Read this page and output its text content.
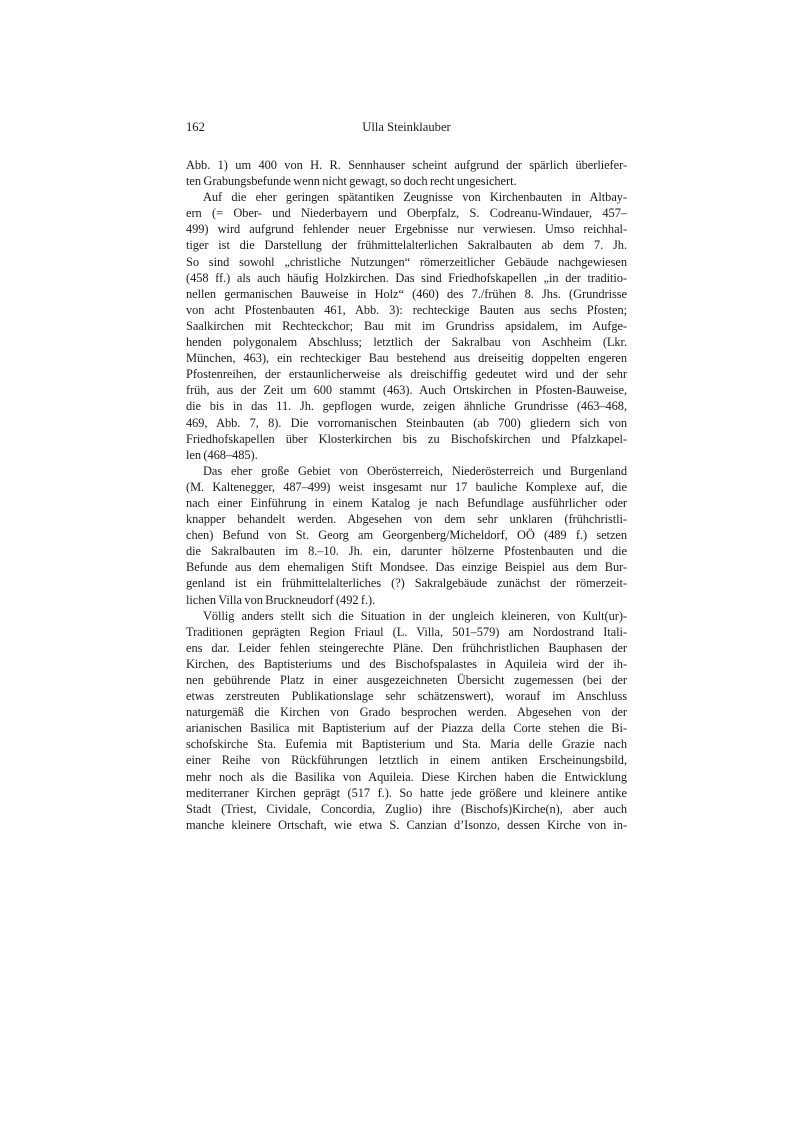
162	Ulla Steinklauber
Abb. 1) um 400 von H. R. Sennhauser scheint aufgrund der spärlich überliefer-
ten Grabungsbefunde wenn nicht gewagt, so doch recht ungesichert.
Auf die eher geringen spätantiken Zeugnisse von Kirchenbauten in Altbay-
ern (= Ober- und Niederbayern und Oberpfalz, S. Codreanu-Windauer, 457–
499) wird aufgrund fehlender neuer Ergebnisse nur verwiesen. Umso reichhal-
tiger ist die Darstellung der frühmittelalterlichen Sakralbauten ab dem 7. Jh.
So sind sowohl „christliche Nutzungen“ römerzeitlicher Gebäude nachgewiesen
(458 ff.) als auch häufig Holzkirchen. Das sind Friedhofskapellen „in der traditio-
nellen germanischen Bauweise in Holz“ (460) des 7./frühen 8. Jhs. (Grundrisse
von acht Pfostenbauten 461, Abb. 3): rechteckige Bauten aus sechs Pfosten;
Saalkirchen mit Rechteckchor; Bau mit im Grundriss apsidalem, im Aufge-
henden polygonalem Abschluss; letztlich der Sakralbau von Aschheim (Lkr.
München, 463), ein rechteckiger Bau bestehend aus dreiseitig doppelten engeren
Pfostenreihen, der erstaunlicherweise als dreischiffig gedeutet wird und der sehr
früh, aus der Zeit um 600 stammt (463). Auch Ortskirchen in Pfosten-Bauweise,
die bis in das 11. Jh. gepflogen wurde, zeigen ähnliche Grundrisse (463–468,
469, Abb. 7, 8). Die vorromanischen Steinbauten (ab 700) gliedern sich von
Friedhofskapellen über Klosterkirchen bis zu Bischofskirchen und Pfalzkapel-
len (468–485).
Das eher große Gebiet von Oberösterreich, Niederösterreich und Burgenland
(M. Kaltenegger, 487–499) weist insgesamt nur 17 bauliche Komplexe auf, die
nach einer Einführung in einem Katalog je nach Befundlage ausführlicher oder
knapper behandelt werden. Abgesehen von dem sehr unklaren (frühchristli-
chen) Befund von St. Georg am Georgenberg/Micheldorf, OÖ (489 f.) setzen
die Sakralbauten im 8.–10. Jh. ein, darunter hölzerne Pfostenbauten und die
Befunde aus dem ehemaligen Stift Mondsee. Das einzige Beispiel aus dem Bur-
genland ist ein frühmittelalterliches (?) Sakralgebäude zunächst der römerzeit-
lichen Villa von Bruckneudorf (492 f.).
Völlig anders stellt sich die Situation in der ungleich kleineren, von Kult(ur)-
Traditionen geprägten Region Friaul (L. Villa, 501–579) am Nordostrand Itali-
ens dar. Leider fehlen steingerechte Pläne. Den frühchristlichen Bauphasen der
Kirchen, des Baptisteriums und des Bischofspalastes in Aquileia wird der ih-
nen gebührende Platz in einer ausgezeichneten Übersicht zugemessen (bei der
etwas zerstreuten Publikationslage sehr schätzenswert), worauf im Anschluss
naturgemäß die Kirchen von Grado besprochen werden. Abgesehen von der
arianischen Basilica mit Baptisterium auf der Piazza della Corte stehen die Bi-
schofskirche Sta. Eufemia mit Baptisterium und Sta. Maria delle Grazie nach
einer Reihe von Rückführungen letztlich in einem antiken Erscheinungsbild,
mehr noch als die Basilika von Aquileia. Diese Kirchen haben die Entwicklung
mediterraner Kirchen geprägt (517 f.). So hatte jede größere und kleinere antike
Stadt (Triest, Cividale, Concordia, Zuglio) ihre (Bischofs)Kirche(n), aber auch
manche kleinere Ortschaft, wie etwa S. Canzian d’Isonzo, dessen Kirche von in-
